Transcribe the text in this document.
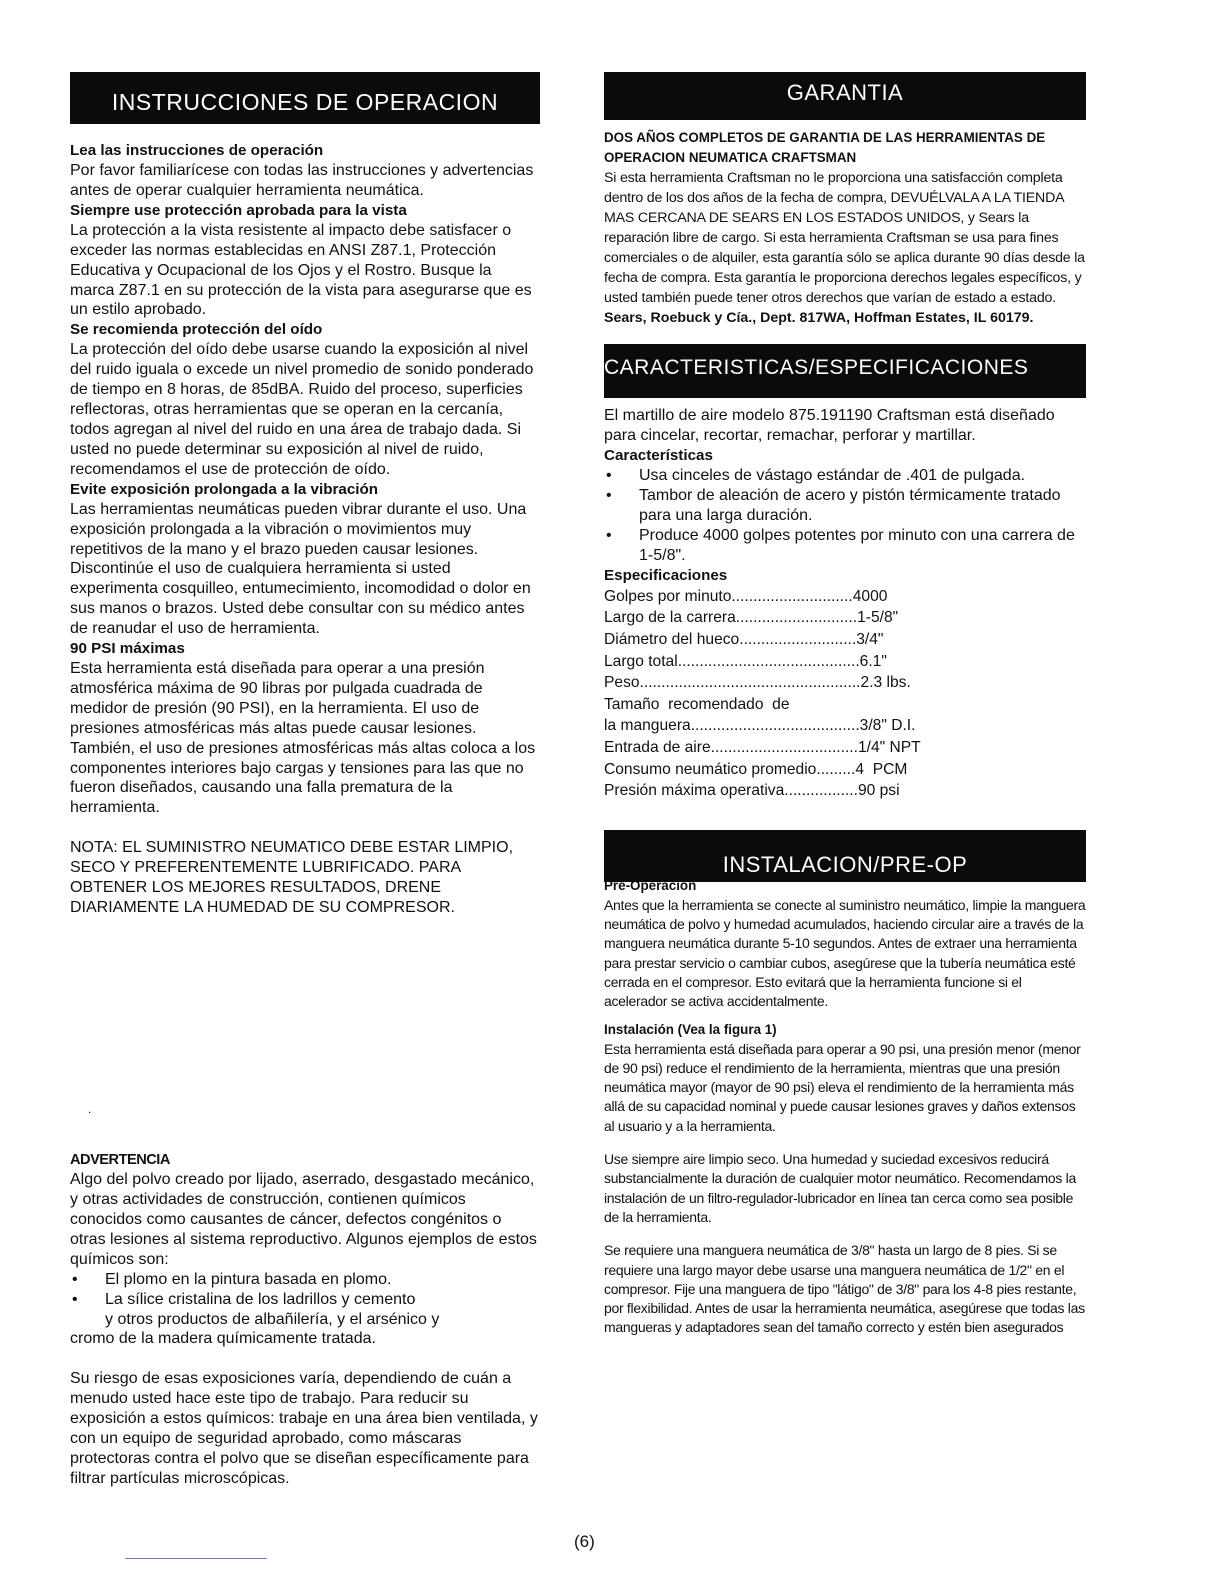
INSTRUCCIONES DE OPERACION
Lea las instrucciones de operación
Por favor familiarícese con todas las instrucciones y advertencias antes de operar cualquier herramienta neumática.
Siempre use protección aprobada para la vista
La protección a la vista resistente al impacto debe satisfacer o exceder las normas establecidas en ANSI Z87.1, Protección Educativa y Ocupacional de los Ojos y el Rostro. Busque la marca Z87.1 en su protección de la vista para asegurarse que es un estilo aprobado.
Se recomienda protección del oído
La protección del oído debe usarse cuando la exposición al nivel del ruido iguala o excede un nivel promedio de sonido ponderado de tiempo en 8 horas, de 85dBA. Ruido del proceso, superficies reflectoras, otras herramientas que se operan en la cercanía, todos agregan al nivel del ruido en una área de trabajo dada. Si usted no puede determinar su exposición al nivel de ruido, recomendamos el use de protección de oído.
Evite exposición prolongada a la vibración
Las herramientas neumáticas pueden vibrar durante el uso. Una exposición prolongada a la vibración o movimientos muy repetitivos de la mano y el brazo pueden causar lesiones. Discontinúe el uso de cualquiera herramienta si usted experimenta cosquilleo, entumecimiento, incomodidad o dolor en sus manos o brazos. Usted debe consultar con su médico antes de reanudar el uso de herramienta.
90 PSI máximas
Esta herramienta está diseñada para operar a una presión atmosférica máxima de 90 libras por pulgada cuadrada de medidor de presión (90 PSI), en la herramienta. El uso de presiones atmosféricas más altas puede causar lesiones. También, el uso de presiones atmosféricas más altas coloca a los componentes interiores bajo cargas y tensiones para las que no fueron diseñados, causando una falla prematura de la herramienta.
NOTA: EL SUMINISTRO NEUMATICO DEBE ESTAR LIMPIO, SECO Y PREFERENTEMENTE LUBRIFICADO. PARA OBTENER LOS MEJORES RESULTADOS, DRENE DIARIAMENTE LA HUMEDAD DE SU COMPRESOR.
.
ADVERTENCIA
Algo del polvo creado por lijado, aserrado, desgastado mecánico, y otras actividades de construcción, contienen químicos conocidos como causantes de cáncer, defectos congénitos o otras lesiones al sistema reproductivo. Algunos ejemplos de estos químicos son:
• El plomo en la pintura basada en plomo.
• La sílice cristalina de los ladrillos y cemento
y otros productos de albañilería, y el arsénico y
cromo de la madera químicamente tratada.
Su riesgo de esas exposiciones varía, dependiendo de cuán a menudo usted hace este tipo de trabajo. Para reducir su exposición a estos químicos: trabaje en una área bien ventilada, y con un equipo de seguridad aprobado, como máscaras protectoras contra el polvo que se diseñan específicamente para filtrar partículas microscópicas.
GARANTIA
DOS AÑOS COMPLETOS DE GARANTIA DE LAS HERRAMIENTAS DE OPERACION NEUMATICA CRAFTSMAN
Si esta herramienta Craftsman no le proporciona una satisfacción completa dentro de los dos años de la fecha de compra, DEVUÉLVALA A LA TIENDA MAS CERCANA DE SEARS EN LOS ESTADOS UNIDOS, y Sears la reparación libre de cargo. Si esta herramienta Craftsman se usa para fines comerciales o de alquiler, esta garantía sólo se aplica durante 90 días desde la fecha de compra. Esta garantía le proporciona derechos legales específicos, y usted también puede tener otros derechos que varían de estado a estado.
Sears, Roebuck y Cía., Dept. 817WA, Hoffman Estates, IL 60179.
CARACTERISTICAS/ESPECIFICACIONES
El martillo de aire modelo 875.191190 Craftsman está diseñado para cincelar, recortar, remachar, perforar y martillar.
Características
• Usa cinceles de vástago estándar de .401 de pulgada.
• Tambor de aleación de acero y pistón térmicamente tratado para una larga duración.
• Produce 4000 golpes potentes por minuto con una carrera de 1-5/8".
Especificaciones
Golpes por minuto............................4000
Largo de la carrera............................1-5/8"
Diámetro del hueco...........................3/4"
Largo total..........................................6.1"
Peso...................................................2.3 lbs.
Tamaño  recomendado  de
la manguera.......................................3/8" D.I.
Entrada de aire..................................1/4" NPT
Consumo neumático promedio.........4  PCM
Presión máxima operativa.................90 psi
INSTALACION/PRE-OP
Pre-Operación
Antes que la herramienta se conecte al suministro neumático, limpie la manguera neumática de polvo y humedad acumulados, haciendo circular aire a través de la manguera neumática durante 5-10 segundos. Antes de extraer una herramienta para prestar servicio o cambiar cubos, asegúrese que la tubería neumática esté cerrada en el compresor. Esto evitará que la herramienta funcione si el acelerador se activa accidentalmente.
Instalación (Vea la figura 1)
Esta herramienta está diseñada para operar a 90 psi, una presión menor (menor de 90 psi) reduce el rendimiento de la herramienta, mientras que una presión neumática mayor (mayor de 90 psi) eleva el rendimiento de la herramienta más allá de su capacidad nominal y puede causar lesiones graves y daños extensos al usuario y a la herramienta.
Use siempre aire limpio seco. Una humedad y suciedad excesivos reducirá substancialmente la duración de cualquier motor neumático. Recomendamos la instalación de un filtro-regulador-lubricador en línea tan cerca como sea posible de la herramienta.
Se requiere una manguera neumática de 3/8" hasta un largo de 8 pies. Si se requiere una largo mayor debe usarse una manguera neumática de 1/2" en el compresor. Fije una manguera de tipo "látigo" de 3/8" para los 4-8 pies restante, por flexibilidad. Antes de usar la herramienta neumática, asegúrese que todas las mangueras y adaptadores sean del tamaño correcto y estén bien asegurados
(6)
